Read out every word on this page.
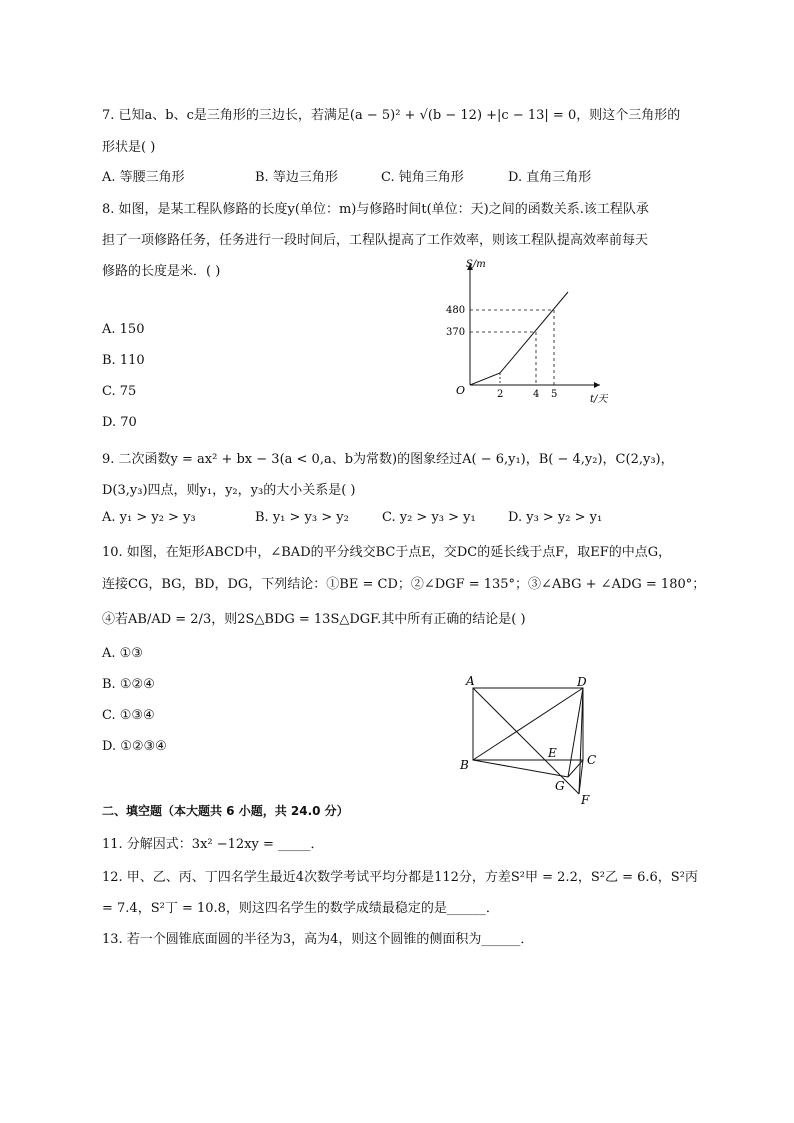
7. 已知a、b、c是三角形的三边长，若满足(a − 5)² + √(b − 12) +|c − 13| = 0，则这个三角形的
形状是( )
A. 等腰三角形	B. 等边三角形	C. 钝角三角形	D. 直角三角形
8. 如图，是某工程队修路的长度y(单位：m)与修路时间t(单位：天)之间的函数关系.该工程队承
担了一项修路任务，任务进行一段时间后，工程队提高了工作效率，则该工程队提高效率前每天
修路的长度是米．( )
A. 150
B. 110
C. 75
D. 70
S/m
t/天
O
480
370
2	4 5
9. 二次函数y = ax² + bx − 3(a < 0,a、b为常数)的图象经过A( − 6,y₁)，B( − 4,y₂)，C(2,y₃)，
D(3,y₃)四点，则y₁，y₂，y₃的大小关系是( )
A. y₁ > y₂ > y₃	B. y₁ > y₃ > y₂	C. y₂ > y₃ > y₁ D. y₃ > y₂ > y₁
10. 如图，在矩形ABCD中，∠BAD的平分线交BC于点E，交DC的延长线于点F，取EF的中点G，
连接CG，BG，BD，DG，下列结论：①BE = CD；②∠DGF = 135°；③∠ABG + ∠ADG = 180°；
④若AB/AD = 2/3，则2S△BDG = 13S△DGF.其中所有正确的结论是( )
A. ①③
B. ①②④
C. ①③④
D. ①②③④
A	D
B	C
E
G
F
二、填空题（本大题共 6 小题，共 24.0 分）
11. 分解因式：3x² −12xy = _____．
12. 甲、乙、丙、丁四名学生最近4次数学考试平均分都是112分，方差S²甲 = 2.2，S²乙 = 6.6，S²丙
= 7.4，S²丁 = 10.8，则这四名学生的数学成绩最稳定的是______．
13. 若一个圆锥底面圆的半径为3，高为4，则这个圆锥的侧面积为______．
